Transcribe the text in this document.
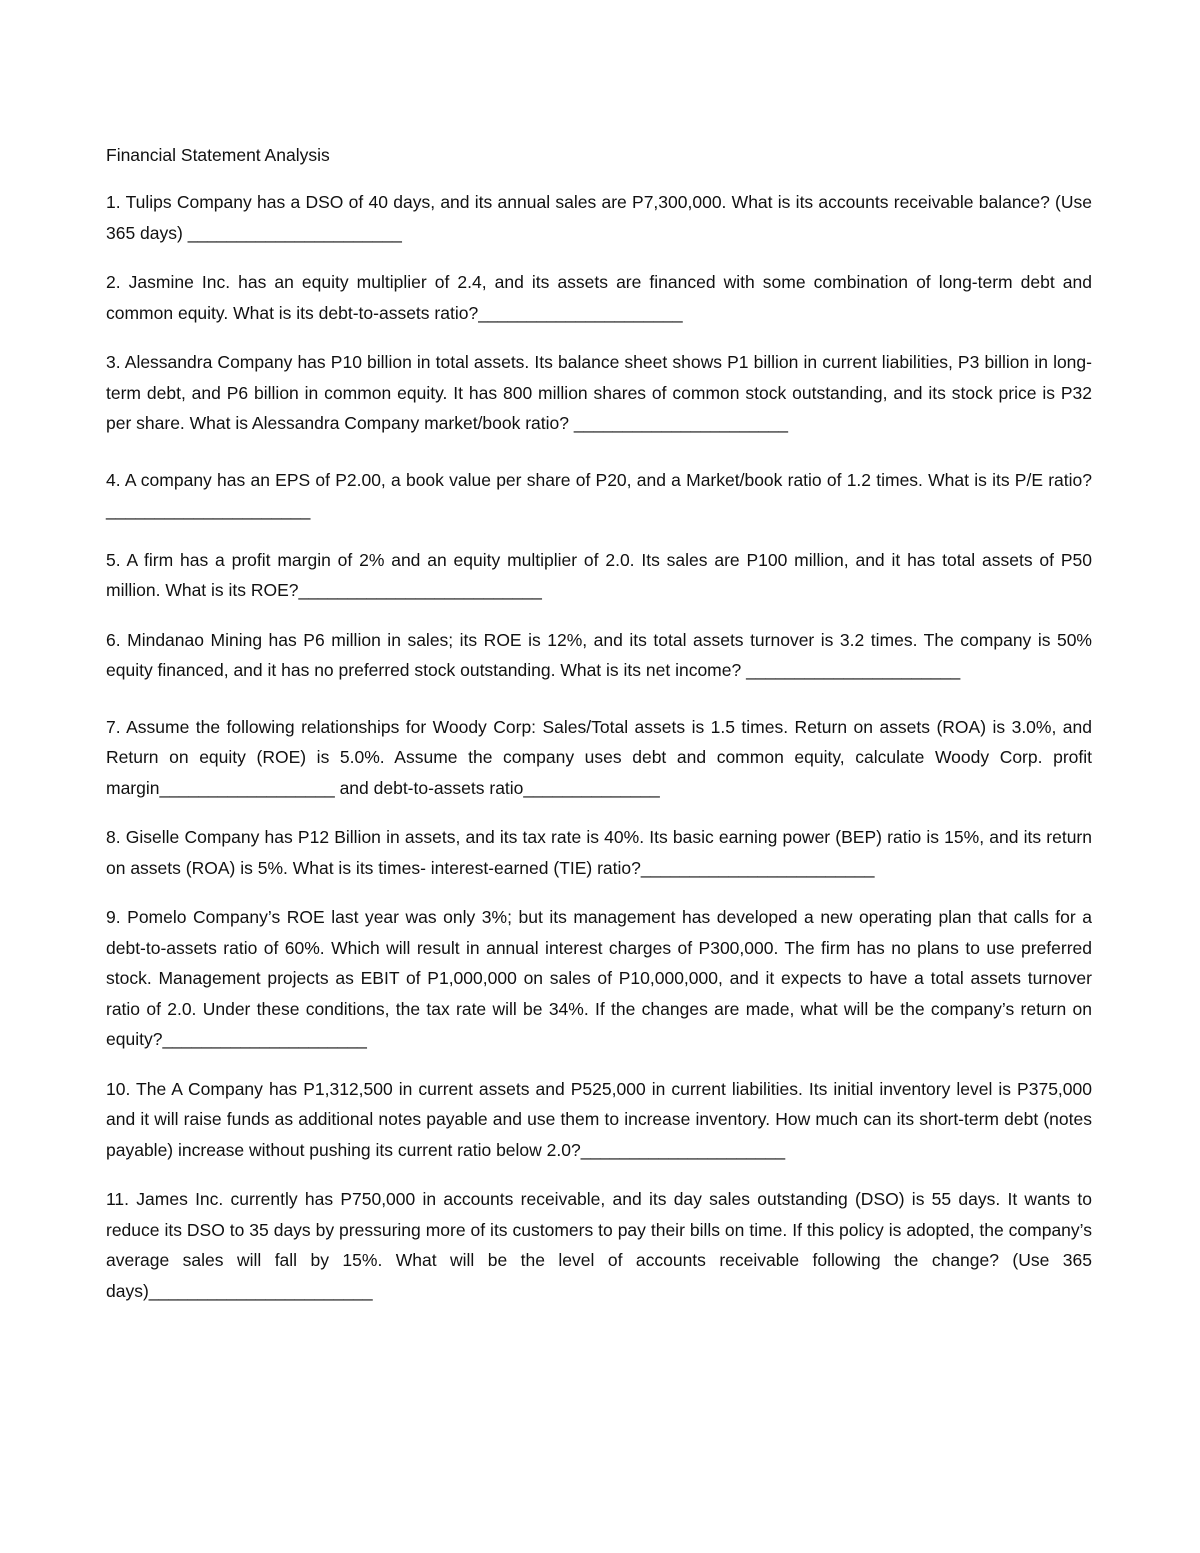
Financial Statement Analysis

1. Tulips Company has a DSO of 40 days, and its annual sales are P7,300,000. What is its accounts receivable balance? (Use 365 days) ______________________

2. Jasmine Inc. has an equity multiplier of 2.4, and its assets are financed with some combination of long-term debt and common equity. What is its debt-to-assets ratio?_____________________

3. Alessandra Company has P10 billion in total assets. Its balance sheet shows P1 billion in current liabilities, P3 billion in long-term debt, and P6 billion in common equity. It has 800 million shares of common stock outstanding, and its stock price is P32 per share. What is Alessandra Company market/book ratio? ______________________

4. A company has an EPS of P2.00, a book value per share of P20, and a Market/book ratio of 1.2 times. What is its P/E ratio?_____________________

5. A firm has a profit margin of 2% and an equity multiplier of 2.0. Its sales are P100 million, and it has total assets of P50 million. What is its ROE?_________________________

6. Mindanao Mining has P6 million in sales; its ROE is 12%, and its total assets turnover is 3.2 times. The company is 50% equity financed, and it has no preferred stock outstanding. What is its net income? ______________________

7. Assume the following relationships for Woody Corp: Sales/Total assets is 1.5 times. Return on assets (ROA) is 3.0%, and Return on equity (ROE) is 5.0%. Assume the company uses debt and common equity, calculate Woody Corp. profit margin__________________ and debt-to-assets ratio______________

8. Giselle Company has P12 Billion in assets, and its tax rate is 40%. Its basic earning power (BEP) ratio is 15%, and its return on assets (ROA) is 5%. What is its times- interest-earned (TIE) ratio?________________________

9. Pomelo Company’s ROE last year was only 3%; but its management has developed a new operating plan that calls for a debt-to-assets ratio of 60%. Which will result in annual interest charges of P300,000. The firm has no plans to use preferred stock. Management projects as EBIT of P1,000,000 on sales of P10,000,000, and it expects to have a total assets turnover ratio of 2.0. Under these conditions, the tax rate will be 34%. If the changes are made, what will be the company’s return on equity?_____________________

10. The A Company has P1,312,500 in current assets and P525,000 in current liabilities. Its initial inventory level is P375,000 and it will raise funds as additional notes payable and use them to increase inventory. How much can its short-term debt (notes payable) increase without pushing its current ratio below 2.0?_____________________

11. James Inc. currently has P750,000 in accounts receivable, and its day sales outstanding (DSO) is 55 days. It wants to reduce its DSO to 35 days by pressuring more of its customers to pay their bills on time. If this policy is adopted, the company’s average sales will fall by 15%. What will be the level of accounts receivable following the change? (Use 365 days)_______________________
